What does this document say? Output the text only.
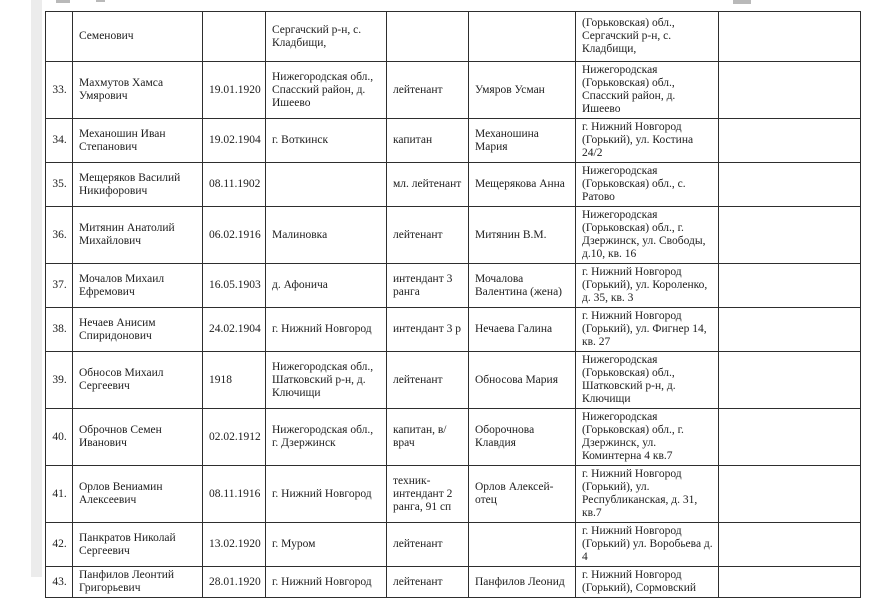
	Семенович		Сергачский р-н, с. Кладбищи,			(Горьковская) обл., Сергачский р-н, с. Кладбищи,	
33.	Махмутов Хамса Умярович	19.01.1920	Нижегородская обл., Спасский район, д. Ишеево	лейтенант	Умяров Усман	Нижегородская (Горьковская) обл., Спасский район, д. Ишеево	
34.	Механошин Иван Степанович	19.02.1904	г. Воткинск	капитан	Механошина Мария	г. Нижний Новгород (Горький), ул. Костина 24/2	
35.	Мещеряков Василий Никифорович	08.11.1902		мл. лейтенант	Мещерякова Анна	Нижегородская (Горьковская) обл., с. Ратово	
36.	Митянин Анатолий Михайлович	06.02.1916	Малиновка	лейтенант	Митянин В.М.	Нижегородская (Горьковская) обл., г. Дзержинск, ул. Свободы, д.10, кв. 16	
37.	Мочалов Михаил Ефремович	16.05.1903	д. Афонича	интендант 3 ранга	Мочалова Валентина (жена)	г. Нижний Новгород (Горький), ул. Короленко, д. 35, кв. 3	
38.	Нечаев Анисим Спиридонович	24.02.1904	г. Нижний Новгород	интендант 3 р	Нечаева Галина	г. Нижний Новгород (Горький), ул. Фигнер 14, кв. 27	
39.	Обносов Михаил Сергеевич	1918	Нижегородская обл., Шатковский р-н, д. Ключищи	лейтенант	Обносова Мария	Нижегородская (Горьковская) обл., Шатковский р-н, д. Ключищи	
40.	Оброчнов Семен Иванович	02.02.1912	Нижегородская обл., г. Дзержинск	капитан, в/врач	Оборочнова Клавдия	Нижегородская (Горьковская) обл., г. Дзержинск, ул. Коминтерна 4 кв.7	
41.	Орлов Вениамин Алексеевич	08.11.1916	г. Нижний Новгород	техник-интендант 2 ранга, 91 сп	Орлов Алексей-отец	г. Нижний Новгород (Горький), ул. Республиканская, д. 31, кв.7	
42.	Панкратов Николай Сергеевич	13.02.1920	г. Муром	лейтенант		г. Нижний Новгород (Горький) ул. Воробьева д. 4	
43.	Панфилов Леонтий Григорьевич	28.01.1920	г. Нижний Новгород	лейтенант	Панфилов Леонид	г. Нижний Новгород (Горький), Сормовский	
